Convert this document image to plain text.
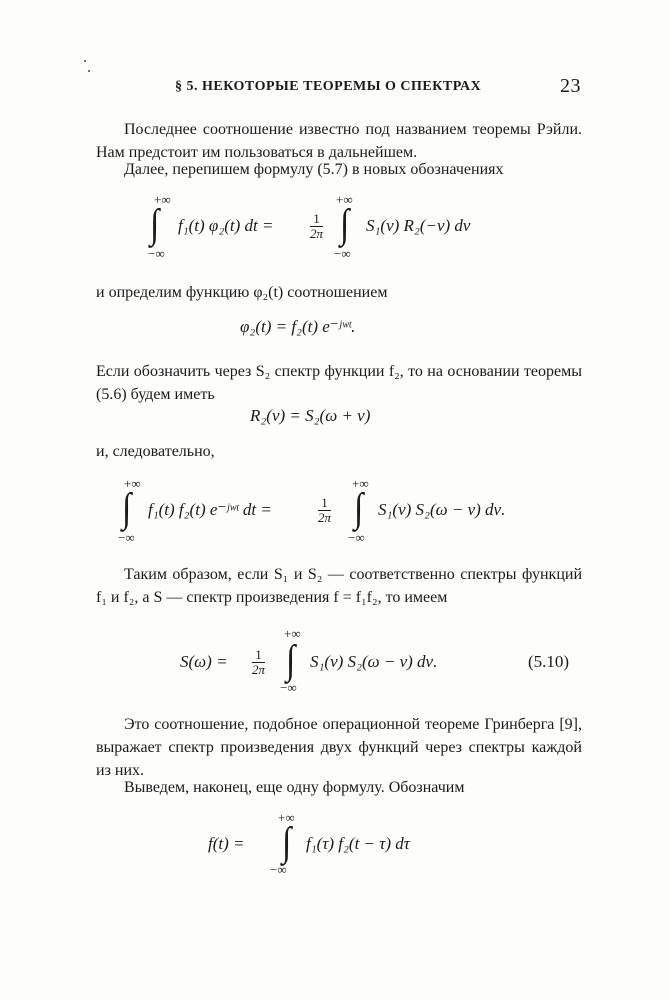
§ 5. НЕКОТОРЫЕ ТЕОРЕМЫ О СПЕКТРАХ	23
Последнее соотношение известно под названием теоремы Рэйли. Нам предстоит им пользоваться в дальнейшем.
Далее, перепишем формулу (5.7) в новых обозначениях
+∞
∫
−∞
f₁(t) φ₂(t) dt =	$\frac{1}{2\pi}$
+∞
∫
−∞
S₁(ν) R₂(−ν) dν
и определим функцию φ₂(t) соотношением
φ₂(t) = f₂(t) e⁻ʲʷᵗ.
Если обозначить через S₂ спектр функции f₂, то на основании теоремы (5.6) будем иметь
R₂(ν) = S₂(ω + ν)
и, следовательно,
+∞
∫
−∞
f₁(t) f₂(t) e⁻ʲʷᵗ dt =	$\frac{1}{2\pi}$
+∞
∫
−∞
S₁(ν) S₂(ω − ν) dν.
Таким образом, если S₁ и S₂ — соответственно спектры функций f₁ и f₂, а S — спектр произведения f = f₁f₂, то имеем
$S(\omega) = \frac{1}{2\pi}$
+∞
∫
−∞
S₁(ν) S₂(ω − ν) dν.	(5.10)
Это соотношение, подобное операционной теореме Гринберга [9], выражает спектр произведения двух функций через спектры каждой из них.
Выведем, наконец, еще одну формулу. Обозначим
f(t) =
+∞
∫
−∞
f₁(τ) f₂(t − τ) dτ
